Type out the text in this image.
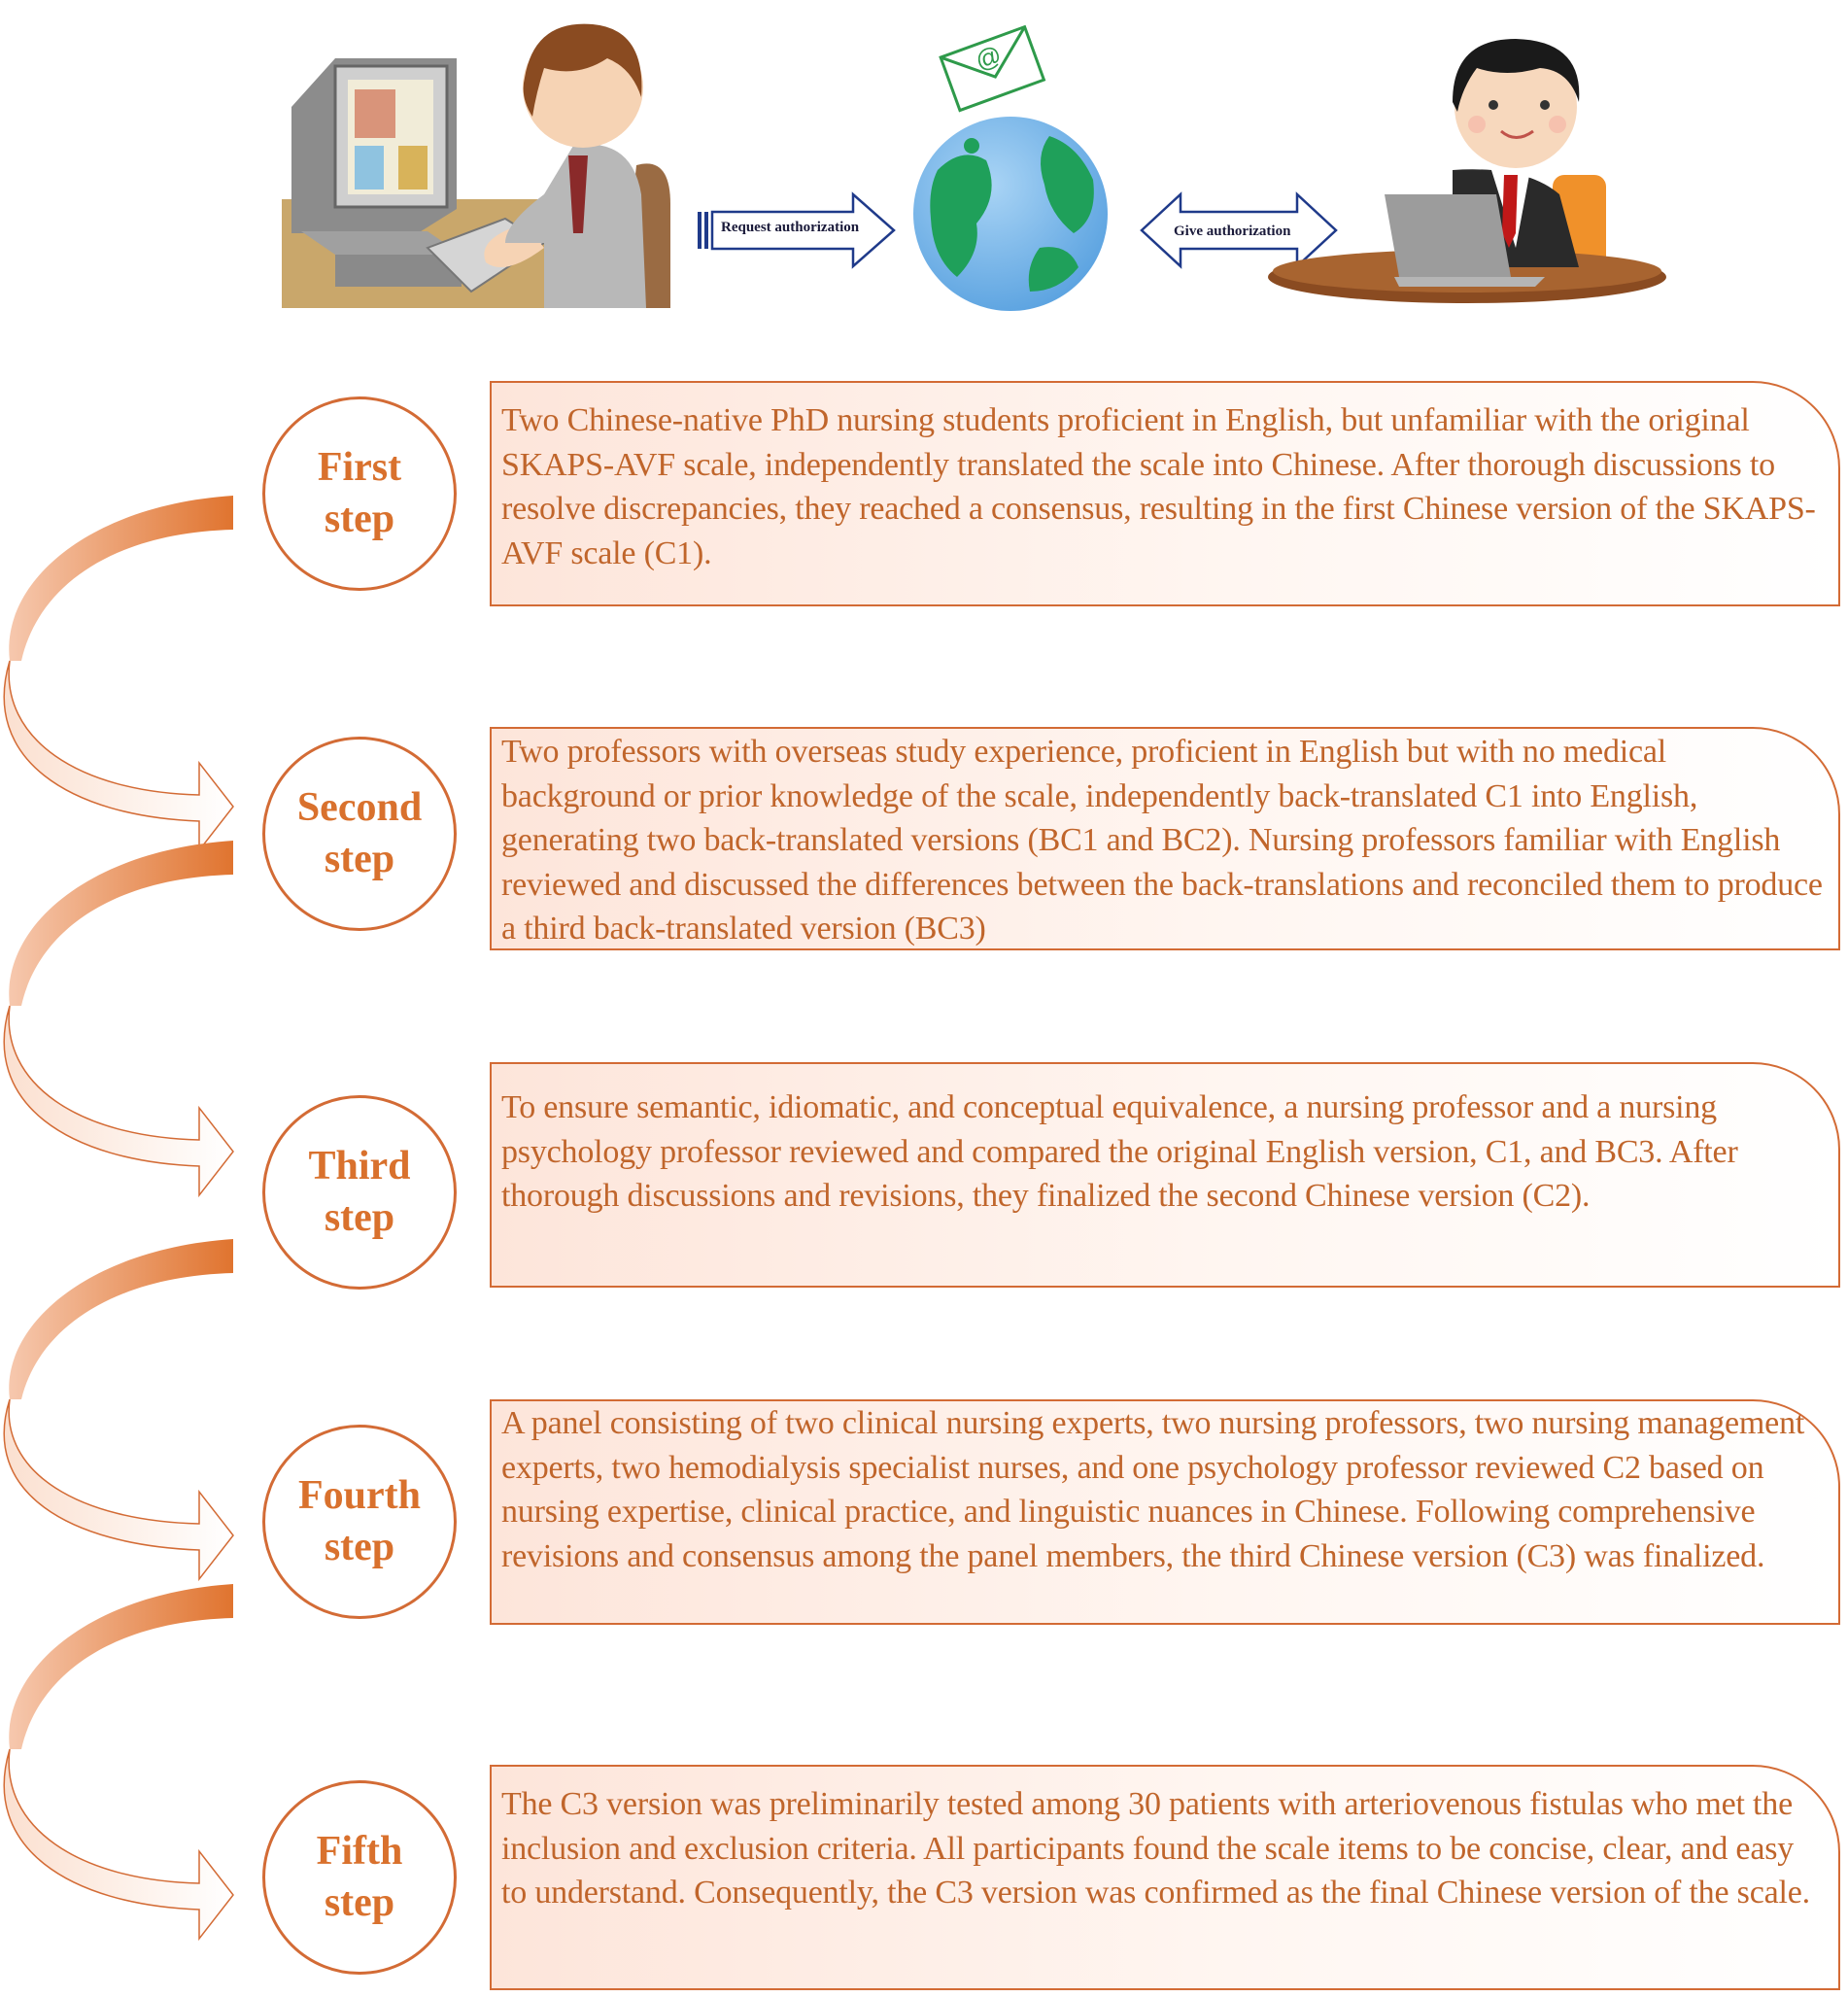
@
Request authorization	Give authorization
First
step
Two Chinese-native PhD nursing students proficient in English, but unfamiliar with the original SKAPS-AVF scale, independently translated the scale into Chinese. After thorough discussions to resolve discrepancies, they reached a consensus, resulting in the first Chinese version of the SKAPS-AVF scale (C1).
Second
step
Two professors with overseas study experience, proficient in English but with no medical background or prior knowledge of the scale, independently back-translated C1 into English, generating two back-translated versions (BC1 and BC2). Nursing professors familiar with English reviewed and discussed the differences between the back-translations and reconciled them to produce a third back-translated version (BC3)
Third
step
To ensure semantic, idiomatic, and conceptual equivalence, a nursing professor and a nursing psychology professor reviewed and compared the original English version, C1, and BC3. After thorough discussions and revisions, they finalized the second Chinese version (C2).
Fourth
step
A panel consisting of two clinical nursing experts, two nursing professors, two nursing management experts, two hemodialysis specialist nurses, and one psychology professor reviewed C2 based on nursing expertise, clinical practice, and linguistic nuances in Chinese. Following comprehensive revisions and consensus among the panel members, the third Chinese version (C3) was finalized.
Fifth
step
The C3 version was preliminarily tested among 30 patients with arteriovenous fistulas who met the inclusion and exclusion criteria. All participants found the scale items to be concise, clear, and easy to understand. Consequently, the C3 version was confirmed as the final Chinese version of the scale.
